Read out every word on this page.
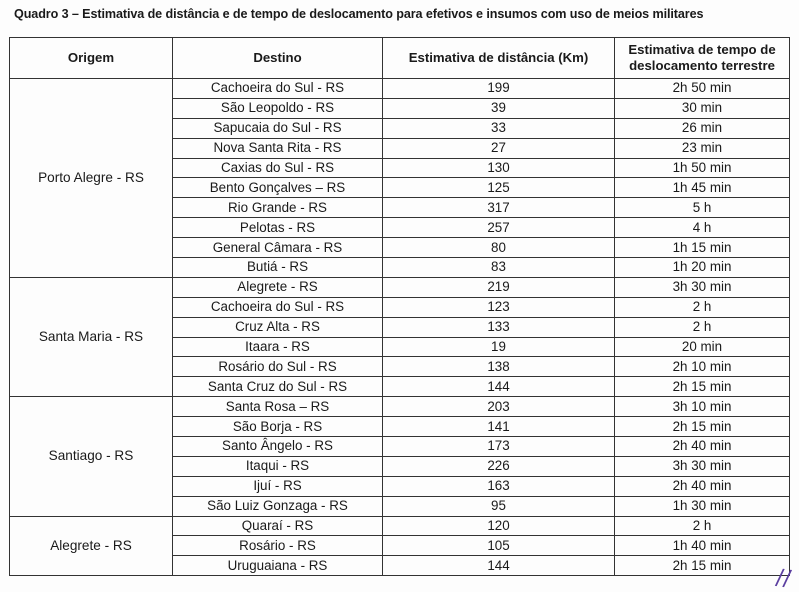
Quadro 3 – Estimativa de distância e de tempo de deslocamento para efetivos e insumos com uso de meios militares
Origem	Destino	Estimativa de distância (Km)	Estimativa de tempo de
deslocamento terrestre

Porto Alegre - RS	Cachoeira do Sul - RS	199	2h 50 min
	São Leopoldo - RS	39	30 min
	Sapucaia do Sul - RS	33	26 min
	Nova Santa Rita - RS	27	23 min
	Caxias do Sul - RS	130	1h 50 min
	Bento Gonçalves – RS	125	1h 45 min
	Rio Grande - RS	317	5 h
	Pelotas - RS	257	4 h
	General Câmara - RS	80	1h 15 min
	Butiá - RS	83	1h 20 min
Santa Maria - RS	Alegrete - RS	219	3h 30 min
	Cachoeira do Sul - RS	123	2 h
	Cruz Alta - RS	133	2 h
	Itaara - RS	19	20 min
	Rosário do Sul - RS	138	2h 10 min
	Santa Cruz do Sul - RS	144	2h 15 min
Santiago - RS	Santa Rosa – RS	203	3h 10 min
	São Borja - RS	141	2h 15 min
	Santo Ângelo - RS	173	2h 40 min
	Itaqui - RS	226	3h 30 min
	Ijuí - RS	163	2h 40 min
	São Luiz Gonzaga - RS	95	1h 30 min
Alegrete - RS	Quaraí - RS	120	2 h
	Rosário - RS	105	1h 40 min
	Uruguaiana - RS	144	2h 15 min //
